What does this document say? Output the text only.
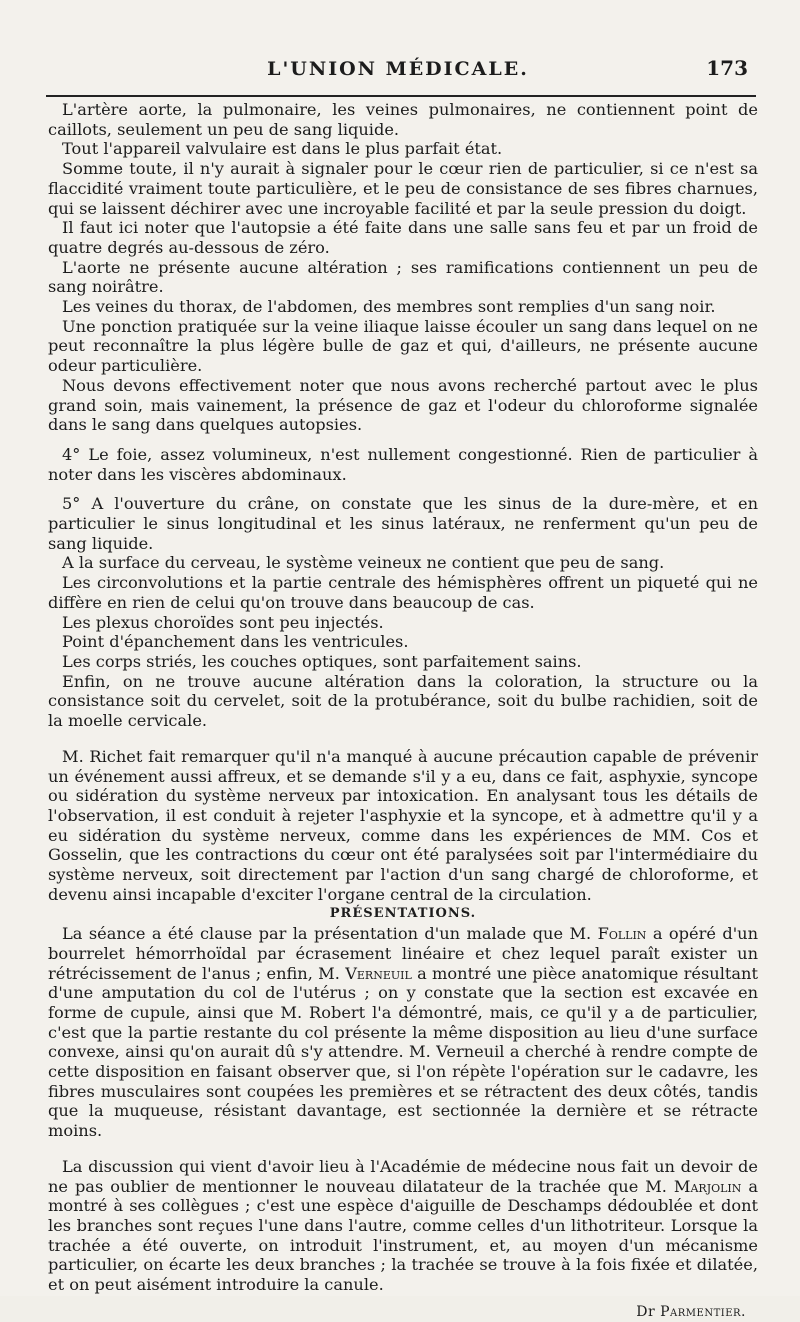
L'UNION MÉDICALE.	173

L'artère aorte, la pulmonaire, les veines pulmonaires, ne contiennent point de caillots, seulement un peu de sang liquide.

Tout l'appareil valvulaire est dans le plus parfait état.

Somme toute, il n'y aurait à signaler pour le cœur rien de particulier, si ce n'est sa flaccidité vraiment toute particulière, et le peu de consistance de ses fibres charnues, qui se laissent déchirer avec une incroyable facilité et par la seule pression du doigt.

Il faut ici noter que l'autopsie a été faite dans une salle sans feu et par un froid de quatre degrés au-dessous de zéro.

L'aorte ne présente aucune altération ; ses ramifications contiennent un peu de sang noirâtre.

Les veines du thorax, de l'abdomen, des membres sont remplies d'un sang noir.

Une ponction pratiquée sur la veine iliaque laisse écouler un sang dans lequel on ne peut reconnaître la plus légère bulle de gaz et qui, d'ailleurs, ne présente aucune odeur particulière.

Nous devons effectivement noter que nous avons recherché partout avec le plus grand soin, mais vainement, la présence de gaz et l'odeur du chloroforme signalée dans le sang dans quelques autopsies.

4° Le foie, assez volumineux, n'est nullement congestionné. Rien de particulier à noter dans les viscères abdominaux.

5° A l'ouverture du crâne, on constate que les sinus de la dure-mère, et en particulier le sinus longitudinal et les sinus latéraux, ne renferment qu'un peu de sang liquide.

A la surface du cerveau, le système veineux ne contient que peu de sang.

Les circonvolutions et la partie centrale des hémisphères offrent un piqueté qui ne diffère en rien de celui qu'on trouve dans beaucoup de cas.

Les plexus choroïdes sont peu injectés.

Point d'épanchement dans les ventricules.

Les corps striés, les couches optiques, sont parfaitement sains.

Enfin, on ne trouve aucune altération dans la coloration, la structure ou la consistance soit du cervelet, soit de la protubérance, soit du bulbe rachidien, soit de la moelle cervicale.

M. Richet fait remarquer qu'il n'a manqué à aucune précaution capable de prévenir un événement aussi affreux, et se demande s'il y a eu, dans ce fait, asphyxie, syncope ou sidération du système nerveux par intoxication. En analysant tous les détails de l'observation, il est conduit à rejeter l'asphyxie et la syncope, et à admettre qu'il y a eu sidération du système nerveux, comme dans les expériences de MM. Cos et Gosselin, que les contractions du cœur ont été paralysées soit par l'intermédiaire du système nerveux, soit directement par l'action d'un sang chargé de chloroforme, et devenu ainsi incapable d'exciter l'organe central de la circulation.

PRÉSENTATIONS.

La séance a été clause par la présentation d'un malade que M. Follin a opéré d'un bourrelet hémorrhoïdal par écrasement linéaire et chez lequel paraît exister un rétrécissement de l'anus ; enfin, M. Verneuil a montré une pièce anatomique résultant d'une amputation du col de l'utérus ; on y constate que la section est excavée en forme de cupule, ainsi que M. Robert l'a démontré, mais, ce qu'il y a de particulier, c'est que la partie restante du col présente la même disposition au lieu d'une surface convexe, ainsi qu'on aurait dû s'y attendre. M. Verneuil a cherché à rendre compte de cette disposition en faisant observer que, si l'on répète l'opération sur le cadavre, les fibres musculaires sont coupées les premières et se rétractent des deux côtés, tandis que la muqueuse, résistant davantage, est sectionnée la dernière et se rétracte moins.

La discussion qui vient d'avoir lieu à l'Académie de médecine nous fait un devoir de ne pas oublier de mentionner le nouveau dilatateur de la trachée que M. Marjolin a montré à ses collègues ; c'est une espèce d'aiguille de Deschamps dédoublée et dont les branches sont reçues l'une dans l'autre, comme celles d'un lithotriteur. Lorsque la trachée a été ouverte, on introduit l'instrument, et, au moyen d'un mécanisme particulier, on écarte les deux branches ; la trachée se trouve à la fois fixée et dilatée, et on peut aisément introduire la canule.

Dr Parmentier.
